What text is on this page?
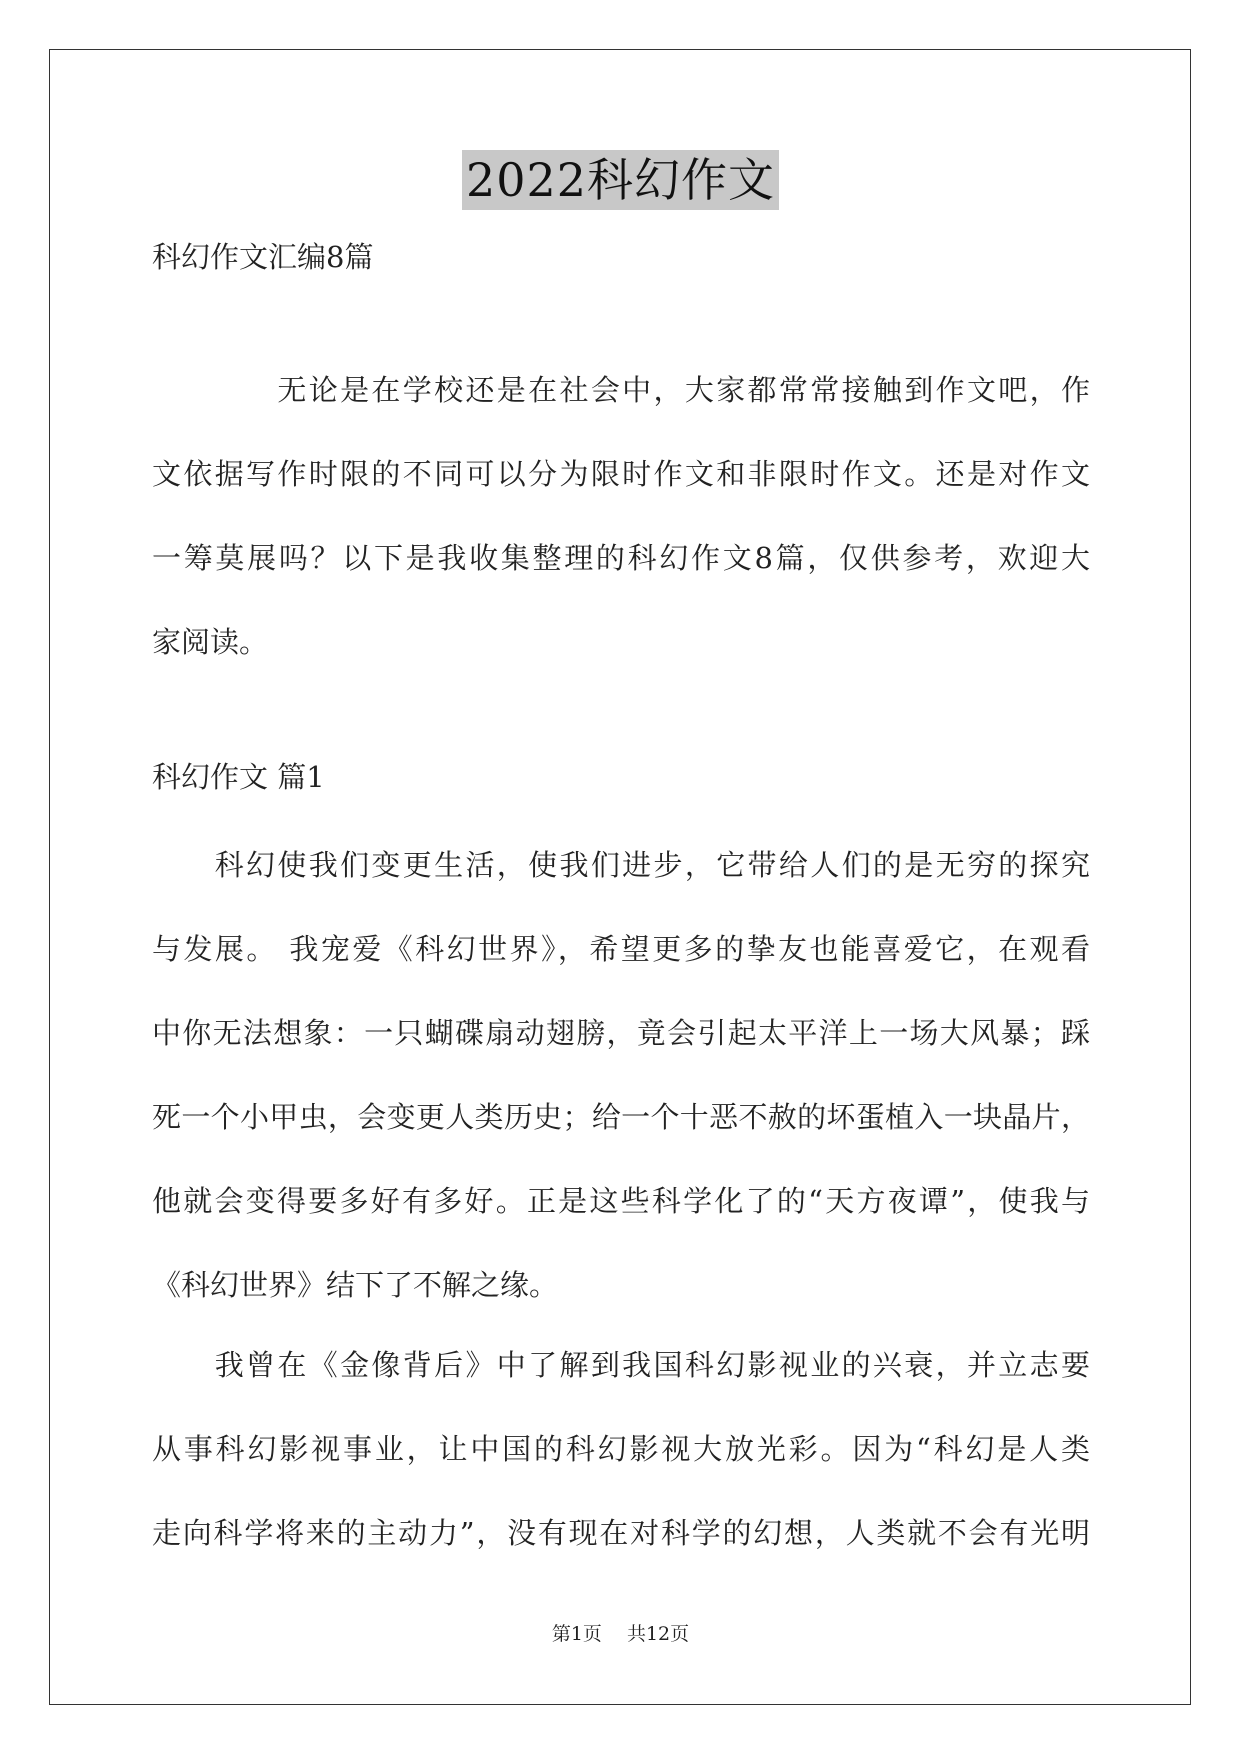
2022科幻作文
科幻作文汇编8篇
　　　　无论是在学校还是在社会中，大家都常常接触到作文吧，作
文依据写作时限的不同可以分为限时作文和非限时作文。还是对作文
一筹莫展吗？以下是我收集整理的科幻作文8篇，仅供参考，欢迎大
家阅读。
科幻作文 篇1
　　科幻使我们变更生活，使我们进步，它带给人们的是无穷的探究
与发展。 我宠爱《科幻世界》，希望更多的挚友也能喜爱它，在观看
中你无法想象：一只蝴碟扇动翅膀，竟会引起太平洋上一场大风暴；踩
死一个小甲虫，会变更人类历史；给一个十恶不赦的坏蛋植入一块晶片，
他就会变得要多好有多好。正是这些科学化了的“天方夜谭”，使我与
《科幻世界》结下了不解之缘。
　　我曾在《金像背后》中了解到我国科幻影视业的兴衰，并立志要
从事科幻影视事业，让中国的科幻影视大放光彩。因为“科幻是人类
走向科学将来的主动力”，没有现在对科学的幻想，人类就不会有光明
第1页　 共12页
